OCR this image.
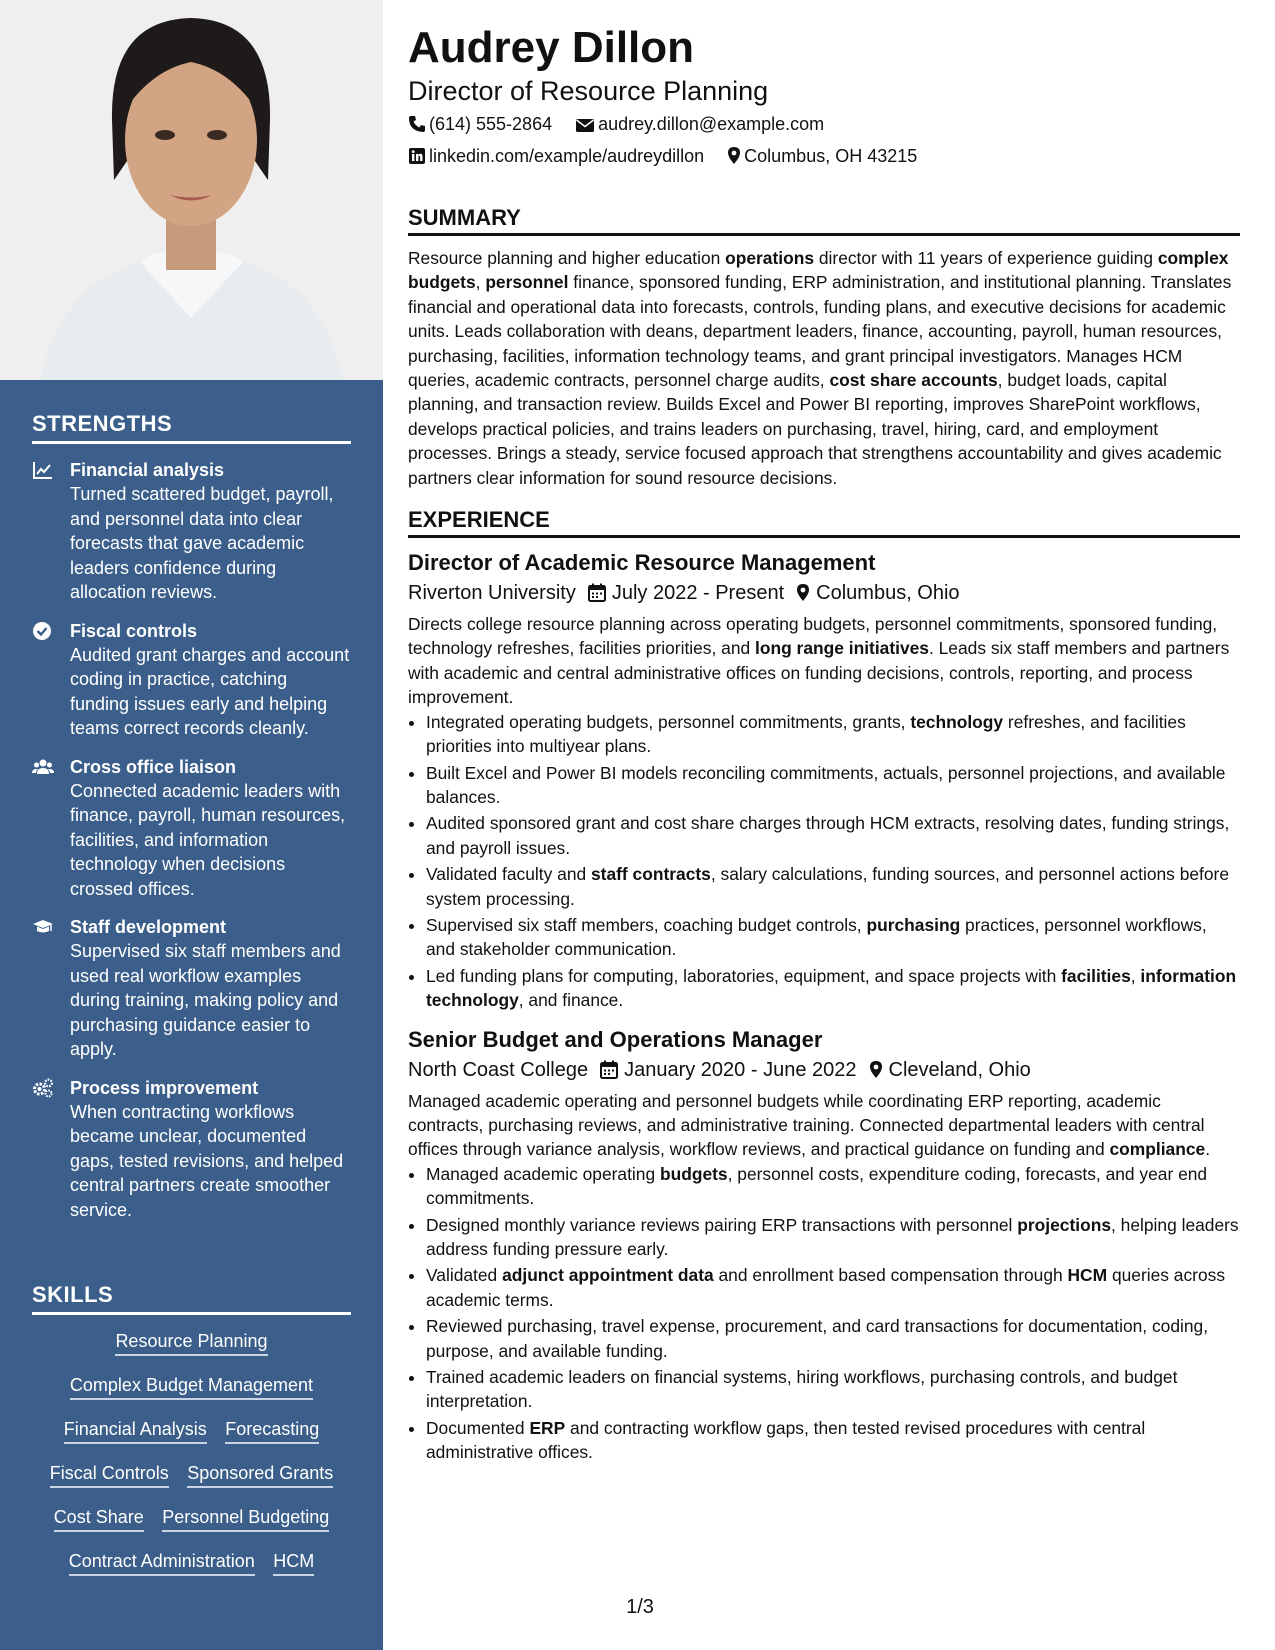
STRENGTHS
Financial analysis
Turned scattered budget, payroll, and personnel data into clear forecasts that gave academic leaders confidence during allocation reviews.
Fiscal controls
Audited grant charges and account coding in practice, catching funding issues early and helping teams correct records cleanly.
Cross office liaison
Connected academic leaders with finance, payroll, human resources, facilities, and information technology when decisions crossed offices.
Staff development
Supervised six staff members and used real workflow examples during training, making policy and purchasing guidance easier to apply.
Process improvement
When contracting workflows became unclear, documented gaps, tested revisions, and helped central partners create smoother service.
SKILLS
Resource Planning
Complex Budget Management
Financial Analysis Forecasting
Fiscal Controls Sponsored Grants
Cost Share Personnel Budgeting
Contract Administration HCM
Audrey Dillon
Director of Resource Planning
(614) 555-2864	audrey.dillon@example.com
linkedin.com/example/audreydillon Columbus, OH 43215
SUMMARY
Resource planning and higher education operations director with 11 years of experience guiding complex budgets, personnel finance, sponsored funding, ERP administration, and institutional planning. Translates financial and operational data into forecasts, controls, funding plans, and executive decisions for academic units. Leads collaboration with deans, department leaders, finance, accounting, payroll, human resources, purchasing, facilities, information technology teams, and grant principal investigators. Manages HCM queries, academic contracts, personnel charge audits, cost share accounts, budget loads, capital planning, and transaction review. Builds Excel and Power BI reporting, improves SharePoint workflows, develops practical policies, and trains leaders on purchasing, travel, hiring, card, and employment processes. Brings a steady, service focused approach that strengthens accountability and gives academic partners clear information for sound resource decisions.
EXPERIENCE
Director of Academic Resource Management
Riverton University July 2022 - Present Columbus, Ohio
Directs college resource planning across operating budgets, personnel commitments, sponsored funding, technology refreshes, facilities priorities, and long range initiatives. Leads six staff members and partners with academic and central administrative offices on funding decisions, controls, reporting, and process improvement.
• Integrated operating budgets, personnel commitments, grants, technology refreshes, and facilities priorities into multiyear plans.
• Built Excel and Power BI models reconciling commitments, actuals, personnel projections, and available balances.
• Audited sponsored grant and cost share charges through HCM extracts, resolving dates, funding strings, and payroll issues.
• Validated faculty and staff contracts, salary calculations, funding sources, and personnel actions before system processing.
• Supervised six staff members, coaching budget controls, purchasing practices, personnel workflows, and stakeholder communication.
• Led funding plans for computing, laboratories, equipment, and space projects with facilities, information technology, and finance.
Senior Budget and Operations Manager
North Coast College January 2020 - June 2022 Cleveland, Ohio
Managed academic operating and personnel budgets while coordinating ERP reporting, academic contracts, purchasing reviews, and administrative training. Connected departmental leaders with central offices through variance analysis, workflow reviews, and practical guidance on funding and compliance.
• Managed academic operating budgets, personnel costs, expenditure coding, forecasts, and year end commitments.
• Designed monthly variance reviews pairing ERP transactions with personnel projections, helping leaders address funding pressure early.
• Validated adjunct appointment data and enrollment based compensation through HCM queries across academic terms.
• Reviewed purchasing, travel expense, procurement, and card transactions for documentation, coding, purpose, and available funding.
• Trained academic leaders on financial systems, hiring workflows, purchasing controls, and budget interpretation.
• Documented ERP and contracting workflow gaps, then tested revised procedures with central administrative offices.
1/3
